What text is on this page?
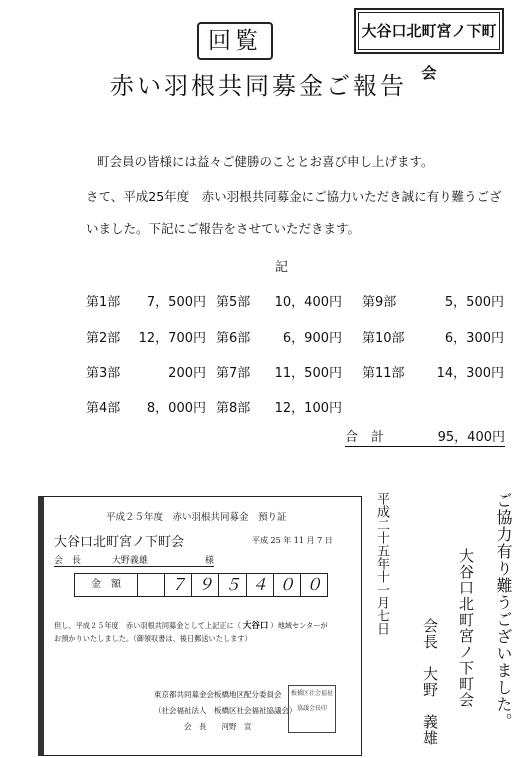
回覧	大谷口北町宮ノ下町会
赤い羽根共同募金ご報告
町会員の皆様には益々ご健勝のこととお喜び申し上げます。
さて、平成25年度　赤い羽根共同募金にご協力いただき誠に有り難うござ
いました。下記にご報告をさせていただきます。
記
第1部 7，500円
第2部 12，700円
第3部	200円
第4部 8，000円
第5部 10，400円
第6部	6，900円
第7部 11，500円
第8部 12，100円
第9部	5，500円
第10部	6，300円
第11部 14，300円
合　計	95，400円
平成２５年度　赤い羽根共同募金　預り証
大谷口北町宮ノ下町会	平成 25 年 11 月 7 日
会　長	大野義雄	様
金　額	７ ９ ５ ４ ０ ０
但し、平成２５年度　赤い羽根共同募金として上記正に（ 大谷口 ）地域センターが
お預かりいたしました。（御領収書は、後日郵送いたします）
東京都共同募金会板橋地区配分委員会
（社会福祉法人　板橋区社会福祉協議会）
会　長　　河野　宣
板橋区社会福祉協議会長印
平成二十五年十一月七日	ご協力有り難うございました。
大谷口北町宮ノ下町会
会長　大野　義雄
